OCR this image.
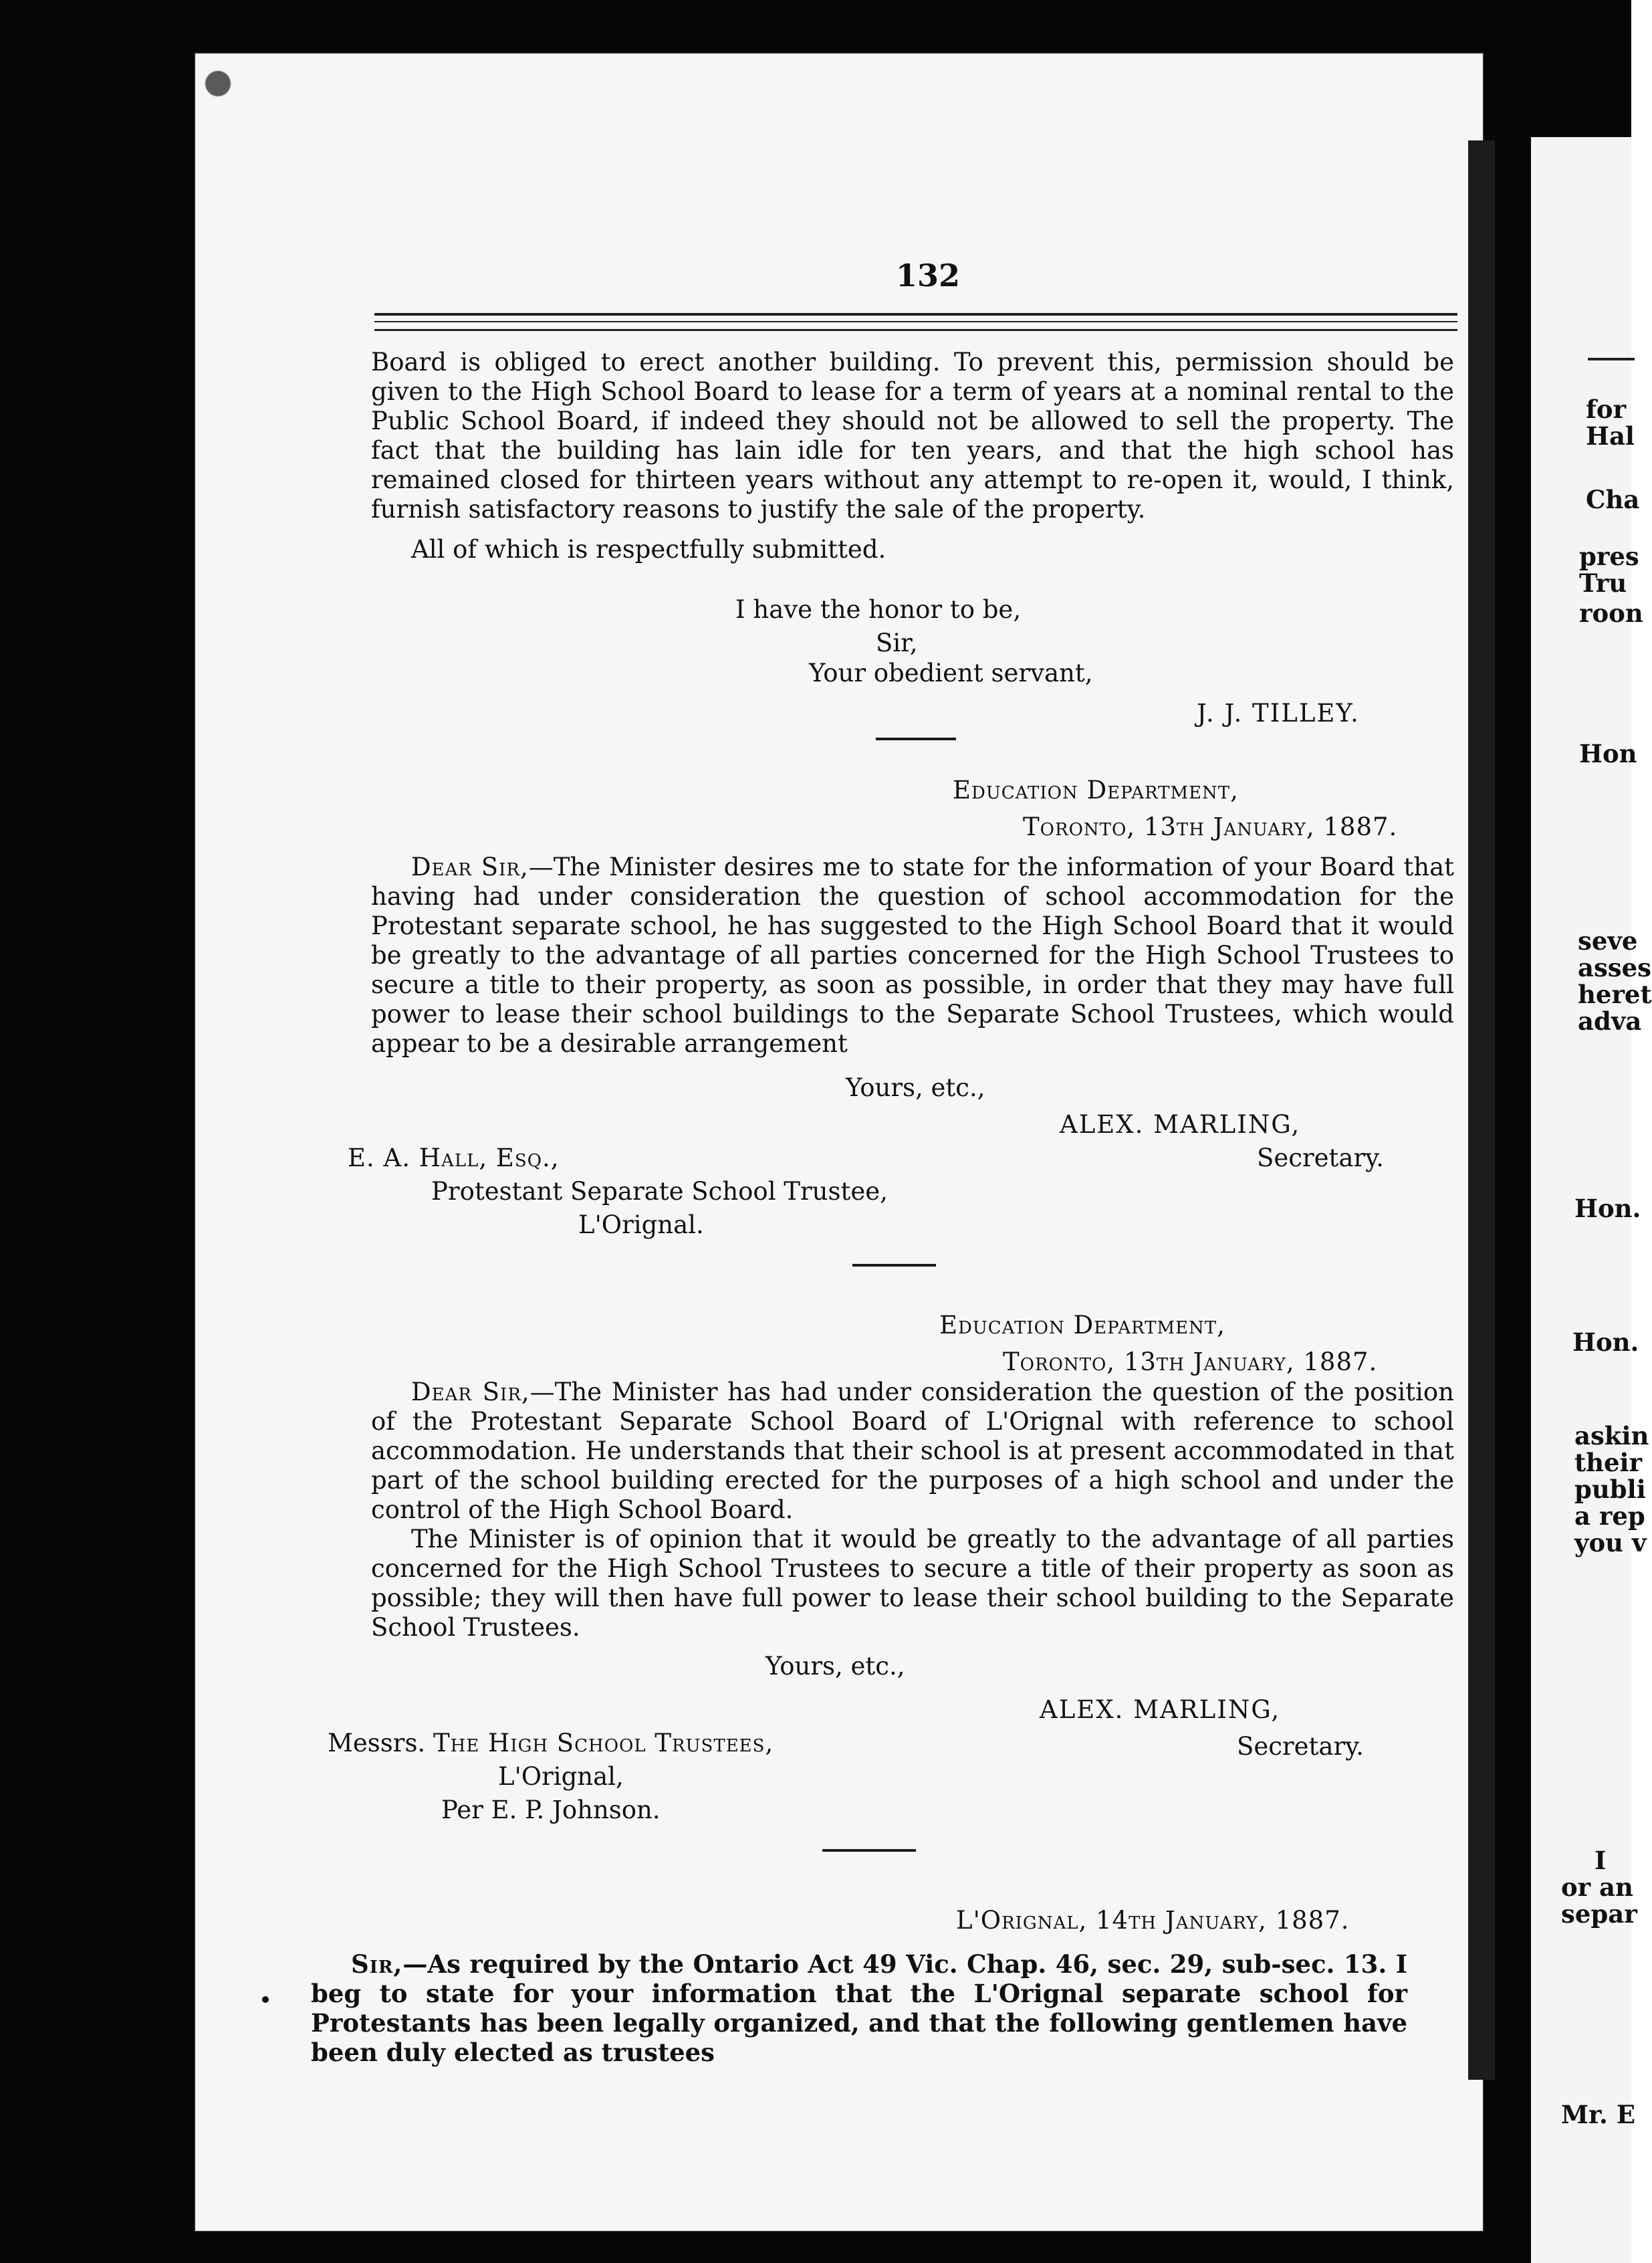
132
Board is obliged to erect another building. To prevent this, permission should be given to the High School Board to lease for a term of years at a nominal rental to the Public School Board, if indeed they should not be allowed to sell the property. The fact that the building has lain idle for ten years, and that the high school has remained closed for thirteen years without any attempt to re-open it, would, I think, furnish satisfactory reasons to justify the sale of the property.
All of which is respectfully submitted.
I have the honor to be,
Sir,
Your obedient servant,
J. J. TILLEY.
Education Department,
Toronto, 13th January, 1887.
Dear Sir,—The Minister desires me to state for the information of your Board that having had under consideration the question of school accommodation for the Protestant separate school, he has suggested to the High School Board that it would be greatly to the advantage of all parties concerned for the High School Trustees to secure a title to their property, as soon as possible, in order that they may have full power to lease their school buildings to the Separate School Trustees, which would appear to be a desirable arrangement
Yours, etc.,
ALEX. MARLING,
Secretary.
E. A. Hall, Esq.,
Protestant Separate School Trustee,
L'Orignal.
Education Department,
Toronto, 13th January, 1887.
Dear Sir,—The Minister has had under consideration the question of the position of the Protestant Separate School Board of L'Orignal with reference to school accommodation. He understands that their school is at present accommodated in that part of the school building erected for the purposes of a high school and under the control of the High School Board.
The Minister is of opinion that it would be greatly to the advantage of all parties concerned for the High School Trustees to secure a title of their property as soon as possible; they will then have full power to lease their school building to the Separate School Trustees.
Yours, etc.,
ALEX. MARLING,
Secretary.
Messrs. The High School Trustees,
L'Orignal,
Per E. P. Johnson.
L'Orignal, 14th January, 1887.
Sir,—As required by the Ontario Act 49 Vic. Chap. 46, sec. 29, sub-sec. 13. I beg to state for your information that the L'Orignal separate school for Protestants has been legally organized, and that the following gentlemen have been duly elected as trustees
for
Hal
Cha
pres
Tru
roon
Hon
seve
asses
heret
adva
Hon.
Hon.
askin
their
publi
a rep
you v
I
or an
separ
Mr. E
